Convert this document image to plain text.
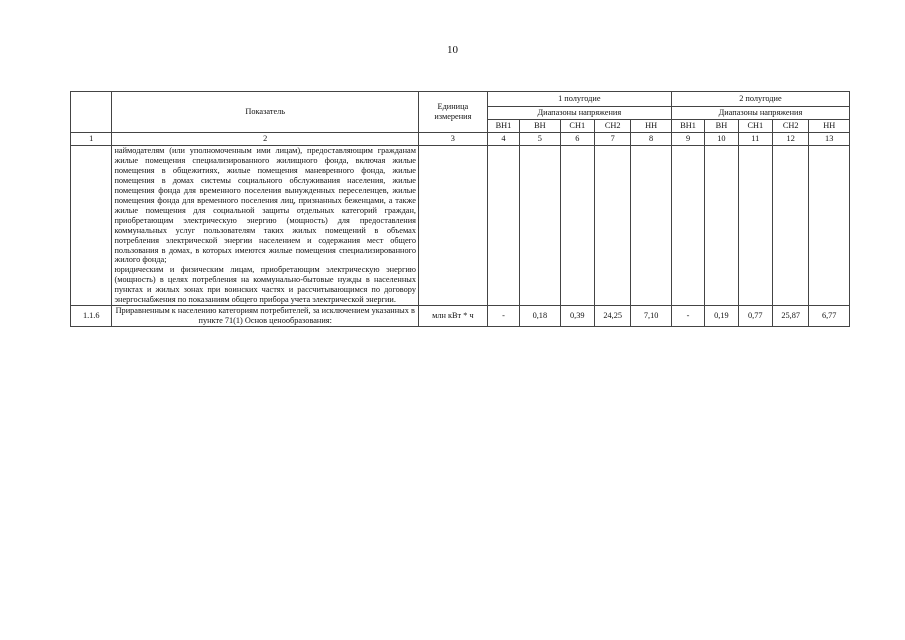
10
	Показатель	Единица измерения	1 полугодие					2 полугодие				
			Диапазоны напряжения					Диапазоны напряжения				
			ВН1	ВН	СН1	СН2	НН	ВН1	ВН	СН1	СН2	НН
1	2	3	4	5	6	7	8	9	10	11	12	13

	наймодателям (или уполномоченным ими лицам), предоставляющим гражданам жилые помещения специализированного жилищного фонда, включая жилые помещения в общежитиях, жилые помещения маневренного фонда, жилые помещения в домах системы социального обслуживания населения, жилые помещения фонда для временного поселения вынужденных переселенцев, жилые помещения фонда для временного поселения лиц, признанных беженцами, а также жилые помещения для социальной защиты отдельных категорий граждан, приобретающим электрическую энергию (мощность) для предоставления коммунальных услуг пользователям таких жилых помещений в объемах потребления электрической энергии населением и содержания мест общего пользования в домах, в которых имеются жилые помещения специализированного жилого фонда;

юридическим и физическим лицам, приобретающим электрическую энергию (мощность) в целях потребления на коммунально-бытовые нужды в населенных пунктах и жилых зонах при воинских частях и рассчитывающимся по договору энергоснабжения по показаниям общего прибора учета электрической энергии.											

1.1.6	Приравненным к населению категориям потребителей, за исключением указанных в пункте 71(1) Основ ценообразования:	млн кВт * ч	-	0,18	0,39	24,25	7,10	-	0,19	0,77	25,87	6,77
